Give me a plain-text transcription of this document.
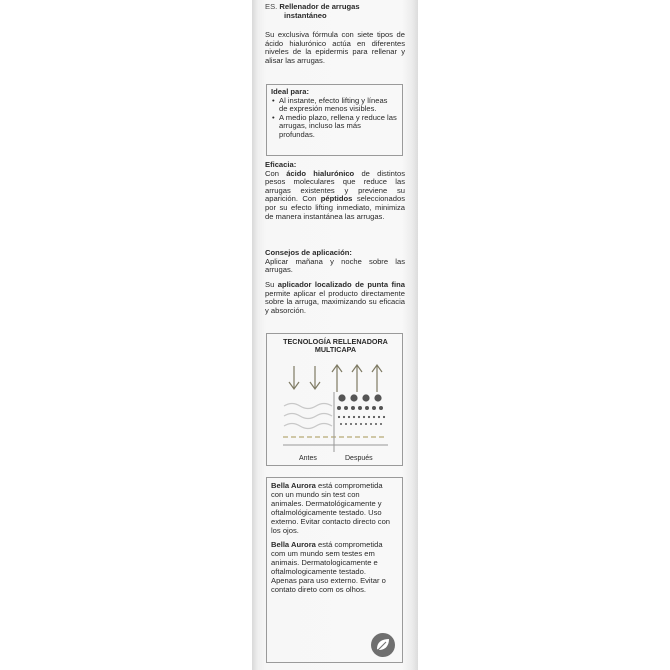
ES. Rellenador de arrugas
instantáneo

Su exclusiva fórmula con siete tipos de ácido hialurónico actúa en diferentes niveles de la epidermis para rellenar y alisar las arrugas.

Ideal para:
• Al instante, efecto lifting y líneas de expresión menos visibles.
• A medio plazo, rellena y reduce las arrugas, incluso las más profundas.

Eficacia:
Con ácido hialurónico de distintos pesos moleculares que reduce las arrugas existentes y previene su aparición. Con péptidos seleccionados por su efecto lifting inmediato, minimiza de manera instantánea las arrugas.

Consejos de aplicación:
Aplicar mañana y noche sobre las arrugas.

Su aplicador localizado de punta fina permite aplicar el producto directamente sobre la arruga, maximizando su eficacia y absorción.

TECNOLOGÍA RELLENADORA
MULTICAPA
Antes	Después

Bella Aurora está comprometida con un mundo sin test con animales. Dermatológicamente y oftalmológicamente testado. Uso externo. Evitar contacto directo con los ojos.

Bella Aurora está comprometida com um mundo sem testes em animais. Dermatologicamente e oftalmologicamente testado. Apenas para uso externo. Evitar o contato direto com os olhos.
